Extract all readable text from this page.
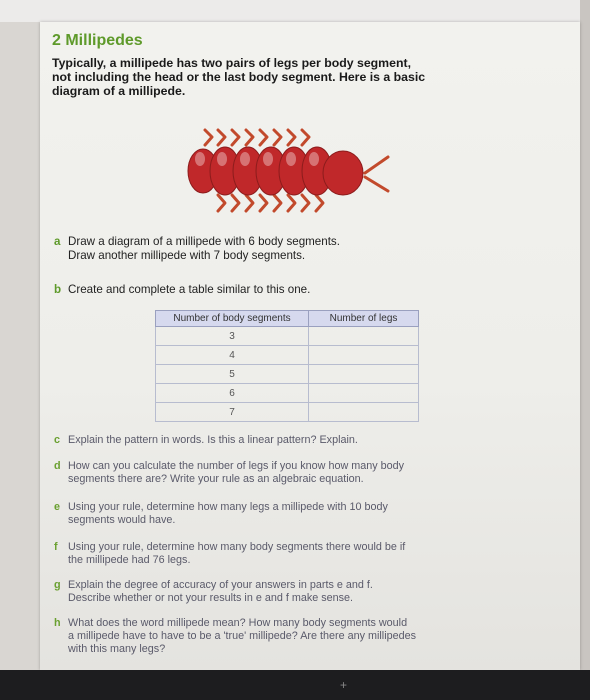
2 Millipedes
Typically, a millipede has two pairs of legs per body segment,
not including the head or the last body segment. Here is a basic
diagram of a millipede.
a Draw a diagram of a millipede with 6 body segments.
Draw another millipede with 7 body segments.
b Create and complete a table similar to this one.
Number of body segments	Number of legs
3	
4	
5	
6	
7	
c Explain the pattern in words. Is this a linear pattern? Explain.
d How can you calculate the number of legs if you know how many body
segments there are? Write your rule as an algebraic equation.
e Using your rule, determine how many legs a millipede with 10 body
segments would have.
f Using your rule, determine how many body segments there would be if
the millipede had 76 legs.
g Explain the degree of accuracy of your answers in parts e and f.
Describe whether or not your results in e and f make sense.
h What does the word millipede mean? How many body segments would
a millipede have to have to be a 'true' millipede? Are there any millipedes
with this many legs?
+
